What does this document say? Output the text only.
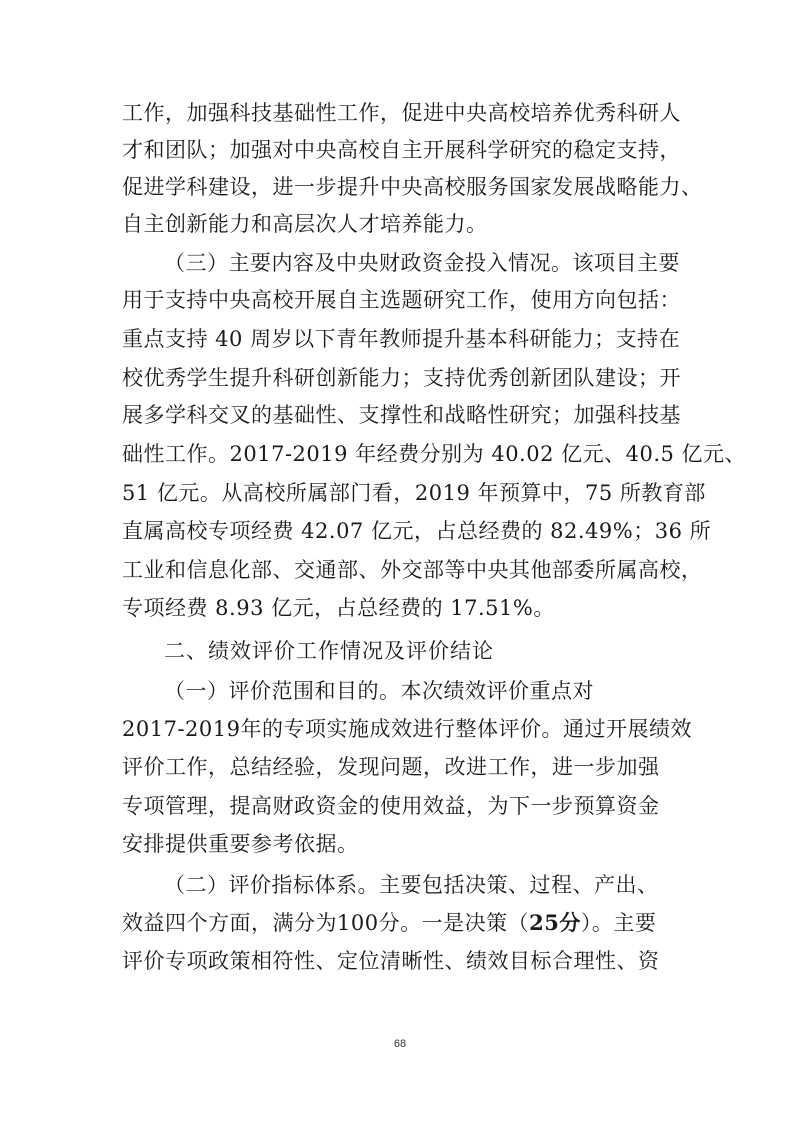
工作，加强科技基础性工作，促进中央高校培养优秀科研人
才和团队；加强对中央高校自主开展科学研究的稳定支持，
促进学科建设，进一步提升中央高校服务国家发展战略能力、
自主创新能力和高层次人才培养能力。
（三）主要内容及中央财政资金投入情况。该项目主要
用于支持中央高校开展自主选题研究工作，使用方向包括：
重点支持 40 周岁以下青年教师提升基本科研能力；支持在
校优秀学生提升科研创新能力；支持优秀创新团队建设；开
展多学科交叉的基础性、支撑性和战略性研究；加强科技基
础性工作。2017-2019 年经费分别为 40.02 亿元、40.5 亿元、
51 亿元。从高校所属部门看，2019 年预算中，75 所教育部
直属高校专项经费 42.07 亿元，占总经费的 82.49%；36 所
工业和信息化部、交通部、外交部等中央其他部委所属高校，
专项经费 8.93 亿元，占总经费的 17.51%。
二、绩效评价工作情况及评价结论
（一）评价范围和目的。本次绩效评价重点对
2017-2019年的专项实施成效进行整体评价。通过开展绩效
评价工作，总结经验，发现问题，改进工作，进一步加强
专项管理，提高财政资金的使用效益，为下一步预算资金
安排提供重要参考依据。
（二）评价指标体系。主要包括决策、过程、产出、
效益四个方面，满分为100分。一是决策（25分）。主要
评价专项政策相符性、定位清晰性、绩效目标合理性、资
68
